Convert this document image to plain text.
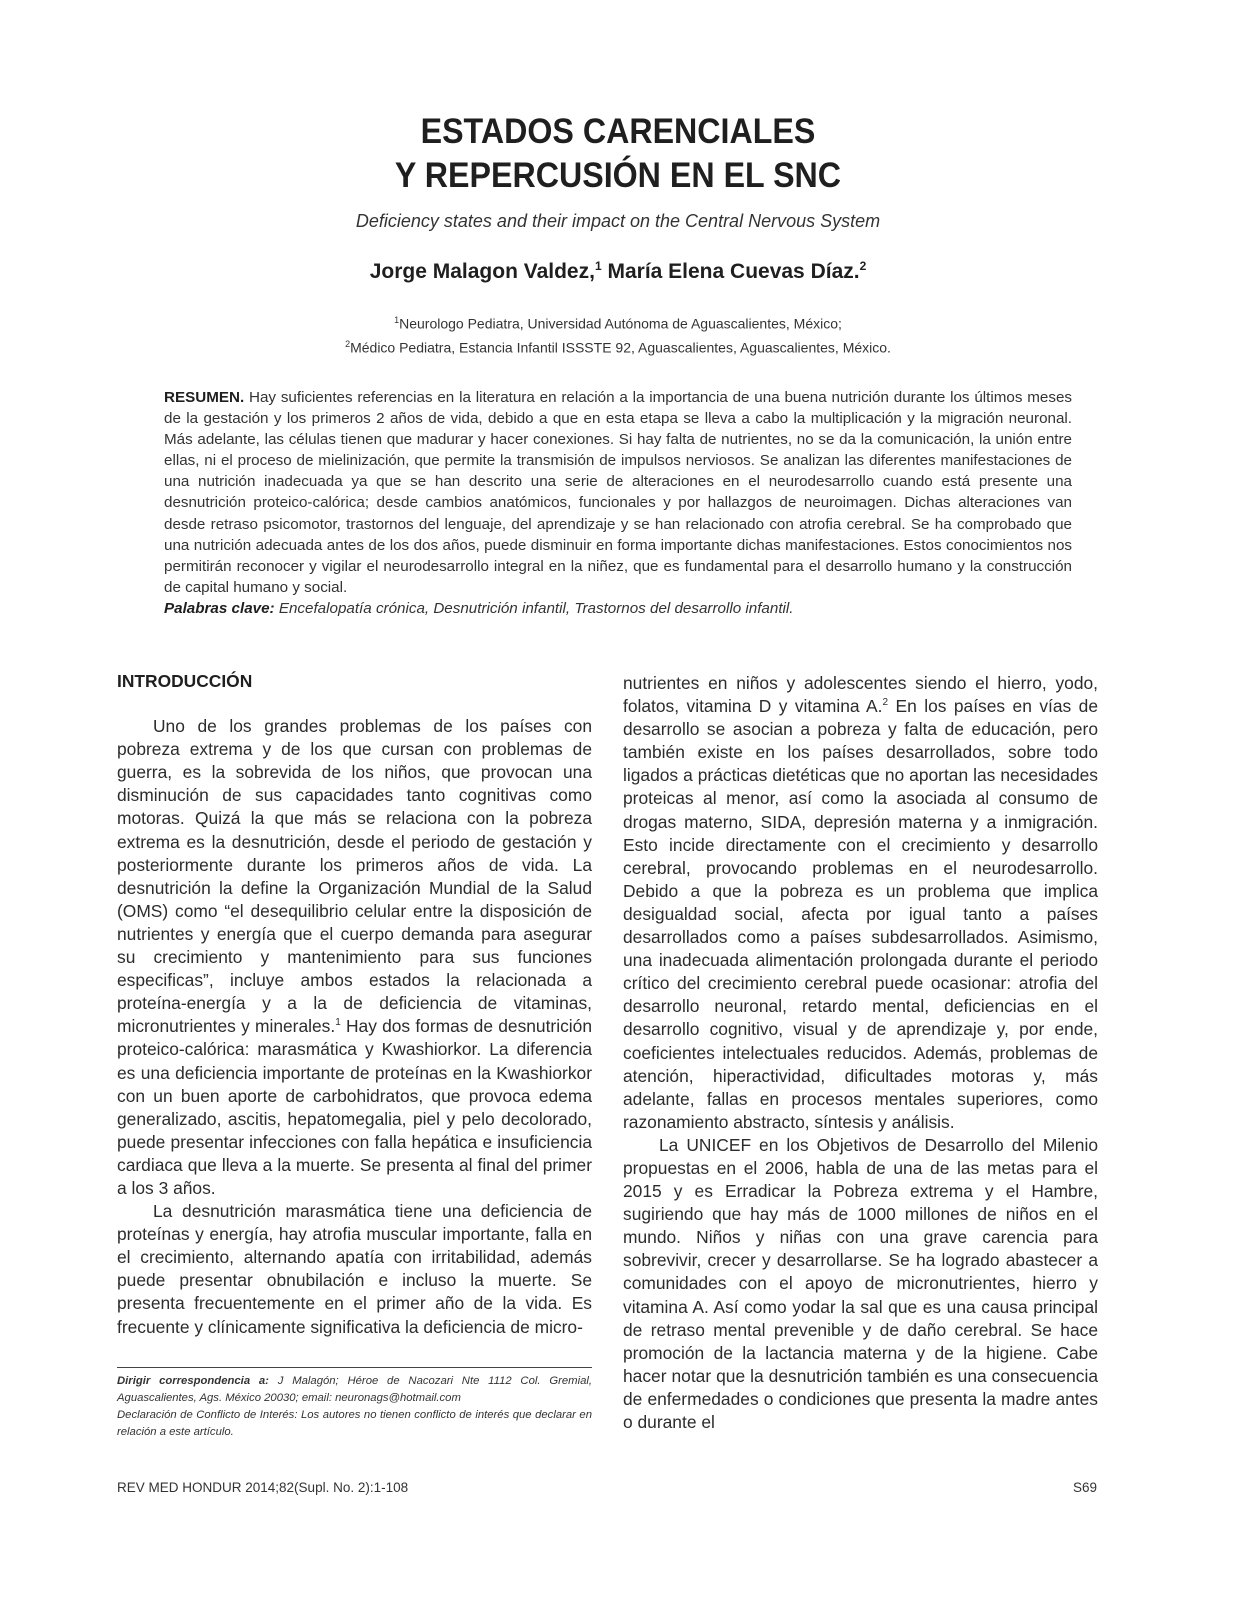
ESTADOS CARENCIALES
Y REPERCUSIÓN EN EL SNC
Deficiency states and their impact on the Central Nervous System
Jorge Malagon Valdez,$^1$ María Elena Cuevas Díaz.$^2$
$^1$Neurologo Pediatra, Universidad Autónoma de Aguascalientes, México;
$^2$Médico Pediatra, Estancia Infantil ISSSTE 92, Aguascalientes, Aguascalientes, México.
RESUMEN. Hay suficientes referencias en la literatura en relación a la importancia de una buena nutrición durante los últimos meses de la gestación y los primeros 2 años de vida, debido a que en esta etapa se lleva a cabo la multiplicación y la migración neuronal. Más adelante, las células tienen que madurar y hacer conexiones. Si hay falta de nutrientes, no se da la comunicación, la unión entre ellas, ni el proceso de mielinización, que permite la transmisión de impulsos nerviosos. Se analizan las diferentes manifestaciones de una nutrición inadecuada ya que se han descrito una serie de alteraciones en el neurodesarrollo cuando está presente una desnutrición proteico-calórica; desde cambios anatómicos, funcionales y por hallazgos de neuroimagen. Dichas alteraciones van desde retraso psicomotor, trastornos del lenguaje, del aprendizaje y se han relacionado con atrofia cerebral. Se ha comprobado que una nutrición adecuada antes de los dos años, puede disminuir en forma importante dichas manifestaciones. Estos conocimientos nos permitirán reconocer y vigilar el neurodesarrollo integral en la niñez, que es fundamental para el desarrollo humano y la construcción de capital humano y social.
Palabras clave: Encefalopatía crónica, Desnutrición infantil, Trastornos del desarrollo infantil.
INTRODUCCIÓN

Uno de los grandes problemas de los países con pobreza extrema y de los que cursan con problemas de guerra, es la sobrevida de los niños, que provocan una disminución de sus capacidades tanto cognitivas como motoras. Quizá la que más se relaciona con la pobreza extrema es la desnutrición, desde el periodo de gestación y posteriormente durante los primeros años de vida. La desnutrición la define la Organización Mundial de la Salud (OMS) como “el desequilibrio celular entre la disposición de nutrientes y energía que el cuerpo demanda para asegurar su crecimiento y mantenimiento para sus funciones especificas”, incluye ambos estados la relacionada a proteína-energía y a la de deficiencia de vitaminas, micronutrientes y minerales.$^1$ Hay dos formas de desnutrición proteico-calórica: marasmática y Kwashiorkor. La diferencia es una deficiencia importante de proteínas en la Kwashiorkor con un buen aporte de carbohidratos, que provoca edema generalizado, ascitis, hepatomegalia, piel y pelo decolorado, puede presentar infecciones con falla hepática e insuficiencia cardiaca que lleva a la muerte. Se presenta al final del primer a los 3 años.

La desnutrición marasmática tiene una deficiencia de proteínas y energía, hay atrofia muscular importante, falla en el crecimiento, alternando apatía con irritabilidad, además puede presentar obnubilación e incluso la muerte. Se presenta frecuentemente en el primer año de la vida. Es frecuente y clínicamente significativa la deficiencia de micro-

nutrientes en niños y adolescentes siendo el hierro, yodo, folatos, vitamina D y vitamina A.$^2$ En los países en vías de desarrollo se asocian a pobreza y falta de educación, pero también existe en los países desarrollados, sobre todo ligados a prácticas dietéticas que no aportan las necesidades proteicas al menor, así como la asociada al consumo de drogas materno, SIDA, depresión materna y a inmigración. Esto incide directamente con el crecimiento y desarrollo cerebral, provocando problemas en el neurodesarrollo. Debido a que la pobreza es un problema que implica desigualdad social, afecta por igual tanto a países desarrollados como a países subdesarrollados. Asimismo, una inadecuada alimentación prolongada durante el periodo crítico del crecimiento cerebral puede ocasionar: atrofia del desarrollo neuronal, retardo mental, deficiencias en el desarrollo cognitivo, visual y de aprendizaje y, por ende, coeficientes intelectuales reducidos. Además, problemas de atención, hiperactividad, dificultades motoras y, más adelante, fallas en procesos mentales superiores, como razonamiento abstracto, síntesis y análisis.

La UNICEF en los Objetivos de Desarrollo del Milenio propuestas en el 2006, habla de una de las metas para el 2015 y es Erradicar la Pobreza extrema y el Hambre, sugiriendo que hay más de 1000 millones de niños en el mundo. Niños y niñas con una grave carencia para sobrevivir, crecer y desarrollarse. Se ha logrado abastecer a comunidades con el apoyo de micronutrientes, hierro y vitamina A. Así como yodar la sal que es una causa principal de retraso mental prevenible y de daño cerebral. Se hace promoción de la lactancia materna y de la higiene. Cabe hacer notar que la desnutrición también es una consecuencia de enfermedades o condiciones que presenta la madre antes o durante el

Dirigir correspondencia a: J Malagón; Héroe de Nacozari Nte 1112 Col. Gremial, Aguascalientes, Ags. México 20030; email: neuronags@hotmail.com
Declaración de Conflicto de Interés: Los autores no tienen conflicto de interés que declarar en relación a este artículo.
REV MED HONDUR 2014;82(Supl. No. 2):1-108	S69
